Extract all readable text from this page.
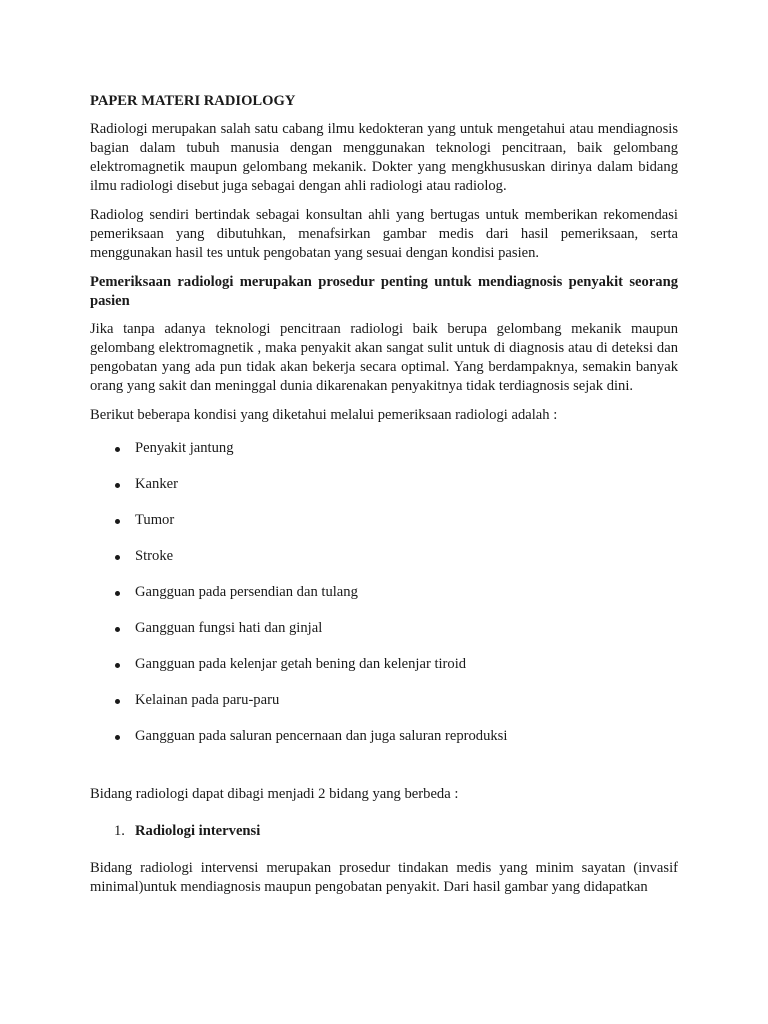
PAPER MATERI RADIOLOGY

Radiologi merupakan salah satu cabang ilmu kedokteran yang untuk mengetahui atau mendiagnosis bagian dalam tubuh manusia dengan menggunakan teknologi pencitraan, baik gelombang elektromagnetik maupun gelombang mekanik. Dokter yang mengkhususkan dirinya dalam bidang ilmu radiologi disebut juga sebagai dengan ahli radiologi atau radiolog.

Radiolog sendiri bertindak sebagai konsultan ahli yang bertugas untuk memberikan rekomendasi pemeriksaan yang dibutuhkan, menafsirkan gambar medis dari hasil pemeriksaan, serta menggunakan hasil tes untuk pengobatan yang sesuai dengan kondisi pasien.

Pemeriksaan radiologi merupakan prosedur penting untuk mendiagnosis penyakit seorang pasien

Jika tanpa adanya teknologi pencitraan radiologi baik berupa gelombang mekanik maupun gelombang elektromagnetik , maka penyakit akan sangat sulit untuk di diagnosis atau di deteksi dan pengobatan yang ada pun tidak akan bekerja secara optimal. Yang berdampaknya, semakin banyak orang yang sakit dan meninggal dunia dikarenakan penyakitnya tidak terdiagnosis sejak dini.

Berikut beberapa kondisi yang diketahui melalui pemeriksaan radiologi adalah :

Penyakit jantung
Kanker
Tumor
Stroke
Gangguan pada persendian dan tulang
Gangguan fungsi hati dan ginjal
Gangguan pada kelenjar getah bening dan kelenjar tiroid
Kelainan pada paru-paru
Gangguan pada saluran pencernaan dan juga saluran reproduksi

Bidang radiologi dapat dibagi menjadi 2 bidang yang berbeda :

1. Radiologi intervensi

Bidang radiologi intervensi merupakan prosedur tindakan medis yang minim sayatan (invasif minimal)untuk mendiagnosis maupun pengobatan penyakit. Dari hasil gambar yang didapatkan
